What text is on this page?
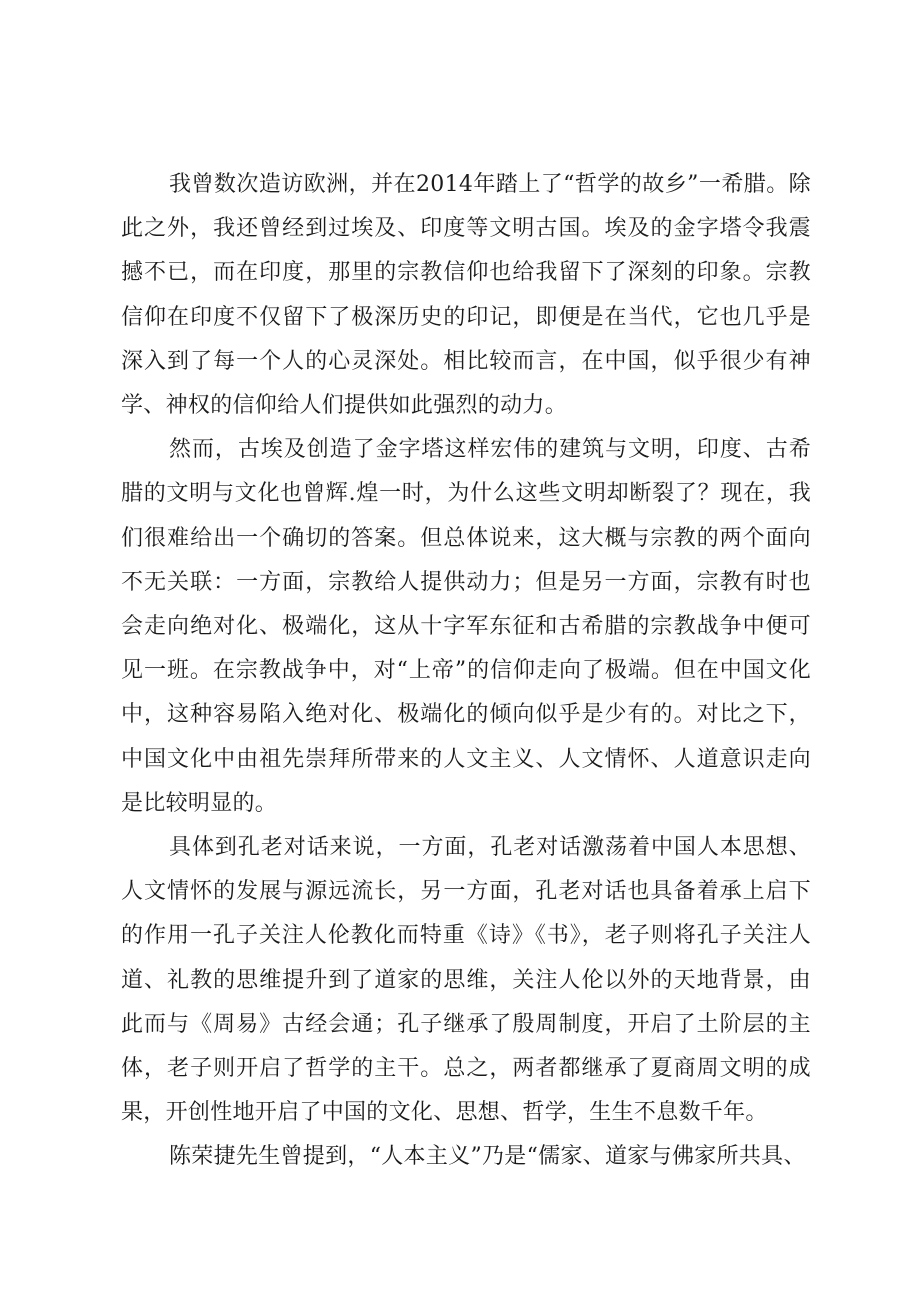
我曾数次造访欧洲，并在2014年踏上了“哲学的故乡”一希腊。除此之外，我还曾经到过埃及、印度等文明古国。埃及的金字塔令我震撼不已，而在印度，那里的宗教信仰也给我留下了深刻的印象。宗教信仰在印度不仅留下了极深历史的印记，即便是在当代，它也几乎是深入到了每一个人的心灵深处。相比较而言，在中国，似乎很少有神学、神权的信仰给人们提供如此强烈的动力。

然而，古埃及创造了金字塔这样宏伟的建筑与文明，印度、古希腊的文明与文化也曾辉.煌一时，为什么这些文明却断裂了？现在，我们很难给出一个确切的答案。但总体说来，这大概与宗教的两个面向不无关联：一方面，宗教给人提供动力；但是另一方面，宗教有时也会走向绝对化、极端化，这从十字军东征和古希腊的宗教战争中便可见一班。在宗教战争中，对“上帝”的信仰走向了极端。但在中国文化中，这种容易陷入绝对化、极端化的倾向似乎是少有的。对比之下，中国文化中由祖先崇拜所带来的人文主义、人文情怀、人道意识走向是比较明显的。

具体到孔老对话来说，一方面，孔老对话激荡着中国人本思想、人文情怀的发展与源远流长，另一方面，孔老对话也具备着承上启下的作用一孔子关注人伦教化而特重《诗》《书》，老子则将孔子关注人道、礼教的思维提升到了道家的思维，关注人伦以外的天地背景，由此而与《周易》古经会通；孔子继承了殷周制度，开启了土阶层的主体，老子则开启了哲学的主干。总之，两者都继承了夏商周文明的成果，开创性地开启了中国的文化、思想、哲学，生生不息数千年。

陈荣捷先生曾提到，“人本主义”乃是“儒家、道家与佛家所共具、
